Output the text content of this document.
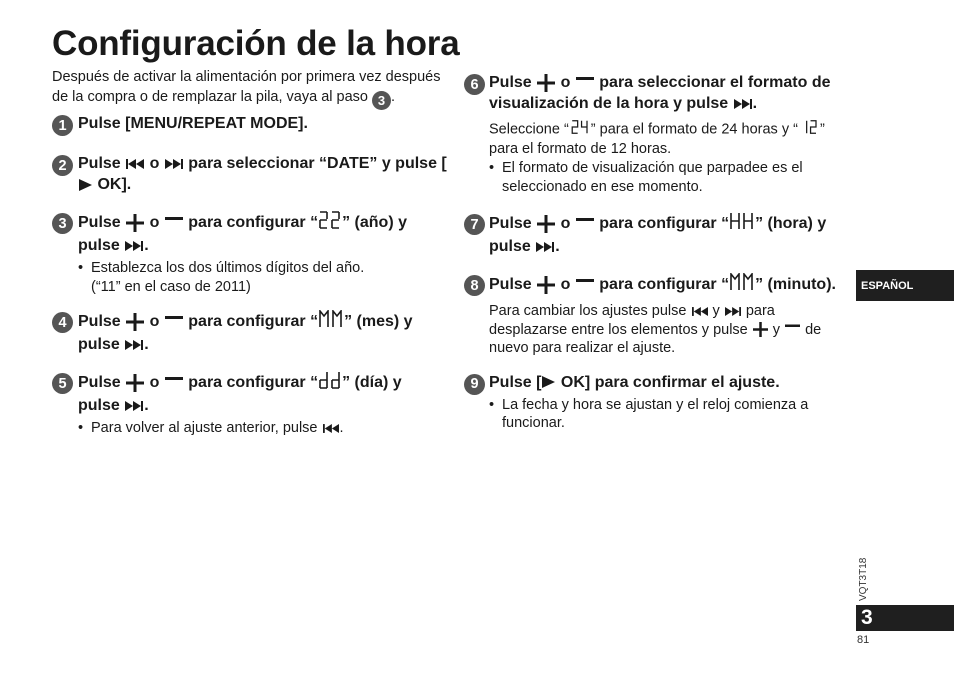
Configuración de la hora

Después de activar la alimentación por primera vez después de la compra o de remplazar la pila, vaya al paso 3 .

1 Pulse [MENU/REPEAT MODE].

2 Pulse o para seleccionar “DATE” y pulse [
OK].

3 Pulse o para configurar “ ” (año) y pulse .

• Establezca los dos últimos dígitos del año.
(“11” en el caso de 2011)

4 Pulse o para configurar “ ” (mes) y pulse .

5 Pulse o para configurar “ ” (día) y pulse .

• Para volver al ajuste anterior, pulse .

6 Pulse o para seleccionar el formato de visualización de la hora y pulse .

Seleccione “ ” para el formato de 24 horas y “ ” para el formato de 12 horas.

• El formato de visualización que parpadee es el seleccionado en ese momento.

7 Pulse o para configurar “ ” (hora) y pulse .

8 Pulse o para configurar “ ” (minuto).

Para cambiar los ajustes pulse y para desplazarse entre los elementos y pulse y de nuevo para realizar el ajuste.

9 Pulse [
OK] para confirmar el ajuste.

• La fecha y hora se ajustan y el reloj comienza a funcionar.

ESPAÑOL
VQT3T18
3
81
